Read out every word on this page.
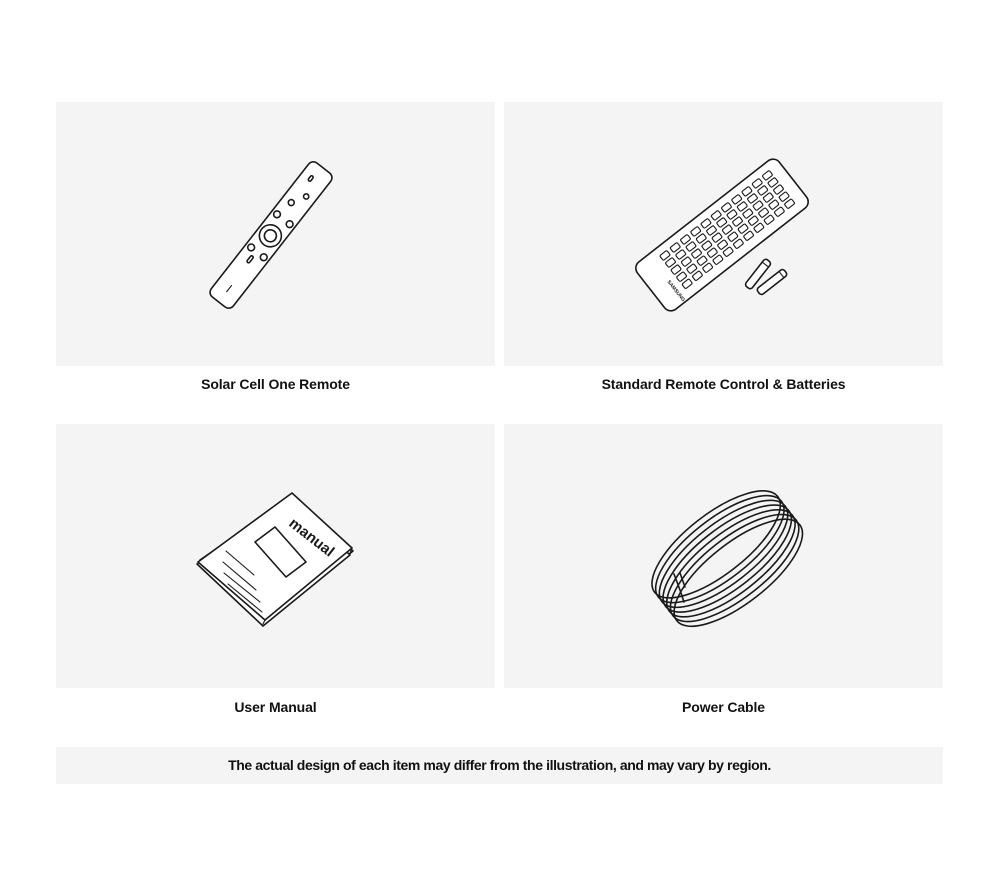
Solar Cell One Remote
SAMSUNG
Standard Remote Control & Batteries
manual
User Manual	Power Cable
The actual design of each item may differ from the illustration, and may vary by region.
